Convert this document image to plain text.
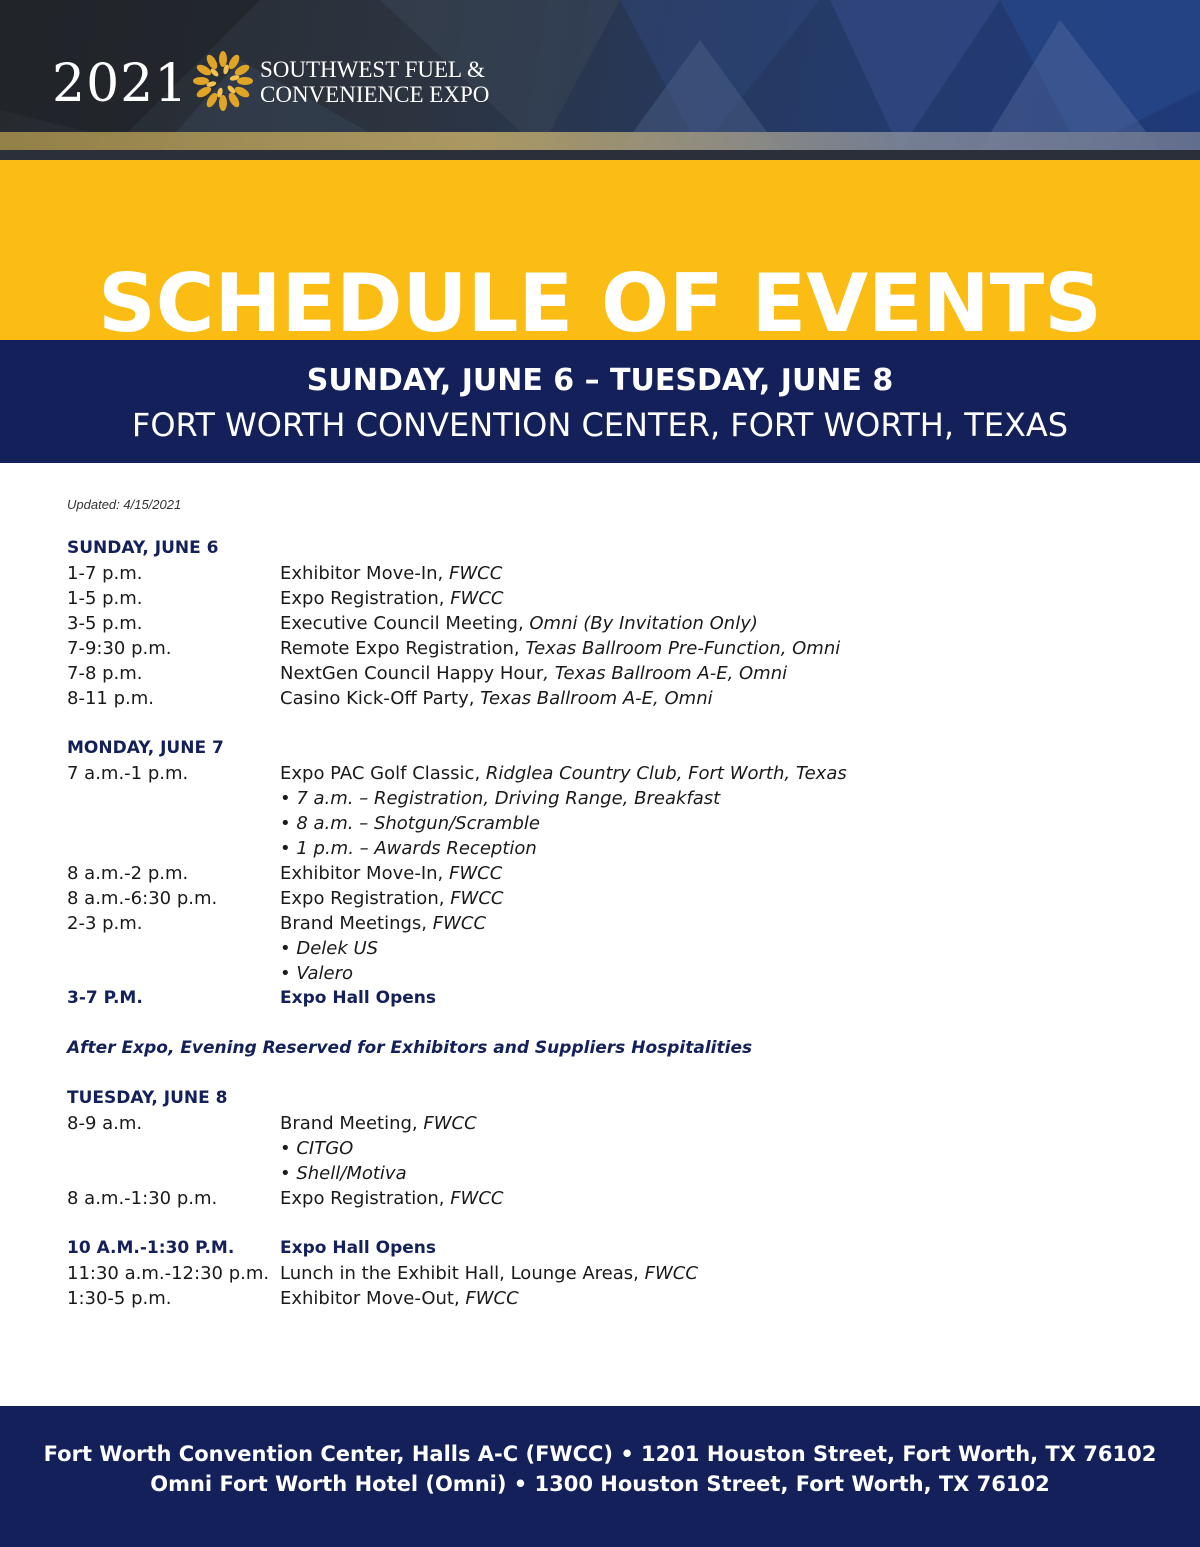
2021	SOUTHWEST FUEL &
CONVENIENCE EXPO
SCHEDULE OF EVENTS
SUNDAY, JUNE 6 – TUESDAY, JUNE 8
FORT WORTH CONVENTION CENTER, FORT WORTH, TEXAS
Updated: 4/15/2021
SUNDAY, JUNE 6
1-7 p.m.	Exhibitor Move-In, FWCC
1-5 p.m.	Expo Registration, FWCC
3-5 p.m.	Executive Council Meeting, Omni (By Invitation Only)
7-9:30 p.m.	Remote Expo Registration, Texas Ballroom Pre-Function, Omni
7-8 p.m.	NextGen Council Happy Hour, Texas Ballroom A-E, Omni
8-11 p.m.	Casino Kick-Off Party, Texas Ballroom A-E, Omni
MONDAY, JUNE 7
7 a.m.-1 p.m.	Expo PAC Golf Classic, Ridglea Country Club, Fort Worth, Texas
• 7 a.m. – Registration, Driving Range, Breakfast
• 8 a.m. – Shotgun/Scramble
• 1 p.m. – Awards Reception
8 a.m.-2 p.m.	Exhibitor Move-In, FWCC
8 a.m.-6:30 p.m.	Expo Registration, FWCC
2-3 p.m.	Brand Meetings, FWCC
• Delek US
• Valero
3-7 P.M.	Expo Hall Opens
After Expo, Evening Reserved for Exhibitors and Suppliers Hospitalities
TUESDAY, JUNE 8
8-9 a.m.	Brand Meeting, FWCC
• CITGO
• Shell/Motiva
8 a.m.-1:30 p.m.	Expo Registration, FWCC
10 A.M.-1:30 P.M.	Expo Hall Opens
11:30 a.m.-12:30 p.m. Lunch in the Exhibit Hall, Lounge Areas, FWCC
1:30-5 p.m.	Exhibitor Move-Out, FWCC
Fort Worth Convention Center, Halls A-C (FWCC) • 1201 Houston Street, Fort Worth, TX 76102
Omni Fort Worth Hotel (Omni) • 1300 Houston Street, Fort Worth, TX 76102
